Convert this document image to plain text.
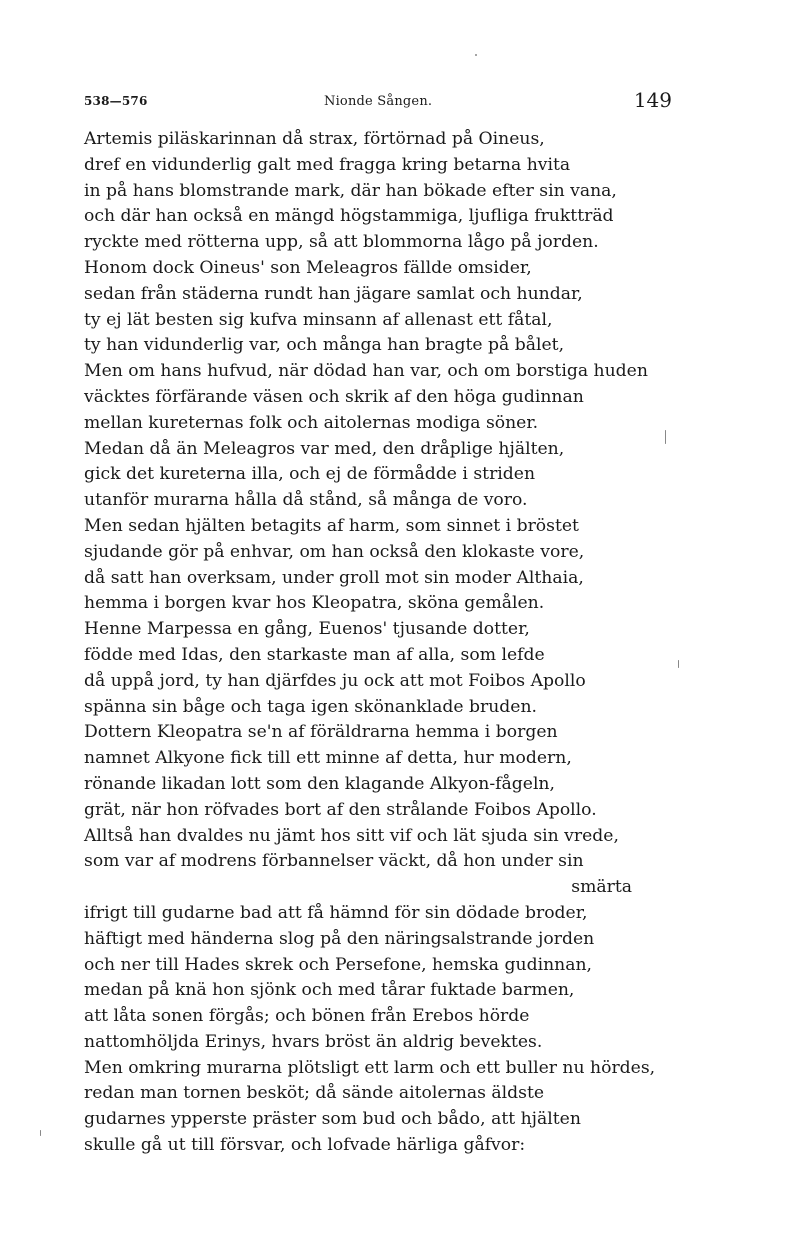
538—576	Nionde Sången.	149
Artemis piläskarinnan då strax, förtörnad på Oineus,
dref en vidunderlig galt med fragga kring betarna hvita
in på hans blomstrande mark, där han bökade efter sin vana,
och där han också en mängd högstammiga, ljufliga fruktträd
ryckte med rötterna upp, så att blommorna lågo på jorden.
Honom dock Oineus' son Meleagros fällde omsider,
sedan från städerna rundt han jägare samlat och hundar,
ty ej lät besten sig kufva minsann af allenast ett fåtal,
ty han vidunderlig var, och många han bragte på bålet,
Men om hans hufvud, när dödad han var, och om borstiga huden
väcktes förfärande väsen och skrik af den höga gudinnan
mellan kureternas folk och aitolernas modiga söner.
Medan då än Meleagros var med, den dråplige hjälten,
gick det kureterna illa, och ej de förmådde i striden
utanför murarna hålla då stånd, så många de voro.
Men sedan hjälten betagits af harm, som sinnet i bröstet
sjudande gör på enhvar, om han också den klokaste vore,
då satt han overksam, under groll mot sin moder Althaia,
hemma i borgen kvar hos Kleopatra, sköna gemålen.
Henne Marpessa en gång, Euenos' tjusande dotter,
födde med Idas, den starkaste man af alla, som lefde
då uppå jord, ty han djärfdes ju ock att mot Foibos Apollo
spänna sin båge och taga igen skönanklade bruden.
Dottern Kleopatra se'n af föräldrarna hemma i borgen
namnet Alkyone fick till ett minne af detta, hur modern,
rönande likadan lott som den klagande Alkyon-fågeln,
grät, när hon röfvades bort af den strålande Foibos Apollo.
Alltså han dvaldes nu jämt hos sitt vif och lät sjuda sin vrede,
som var af modrens förbannelser väckt, då hon under sin
smärta
ifrigt till gudarne bad att få hämnd för sin dödade broder,
häftigt med händerna slog på den näringsalstrande jorden
och ner till Hades skrek och Persefone, hemska gudinnan,
medan på knä hon sjönk och med tårar fuktade barmen,
att låta sonen förgås; och bönen från Erebos hörde
nattomhöljda Erinys, hvars bröst än aldrig bevektes.
Men omkring murarna plötsligt ett larm och ett buller nu hördes,
redan man tornen besköt; då sände aitolernas äldste
gudarnes ypperste präster som bud och bådo, att hjälten
skulle gå ut till försvar, och lofvade härliga gåfvor:
